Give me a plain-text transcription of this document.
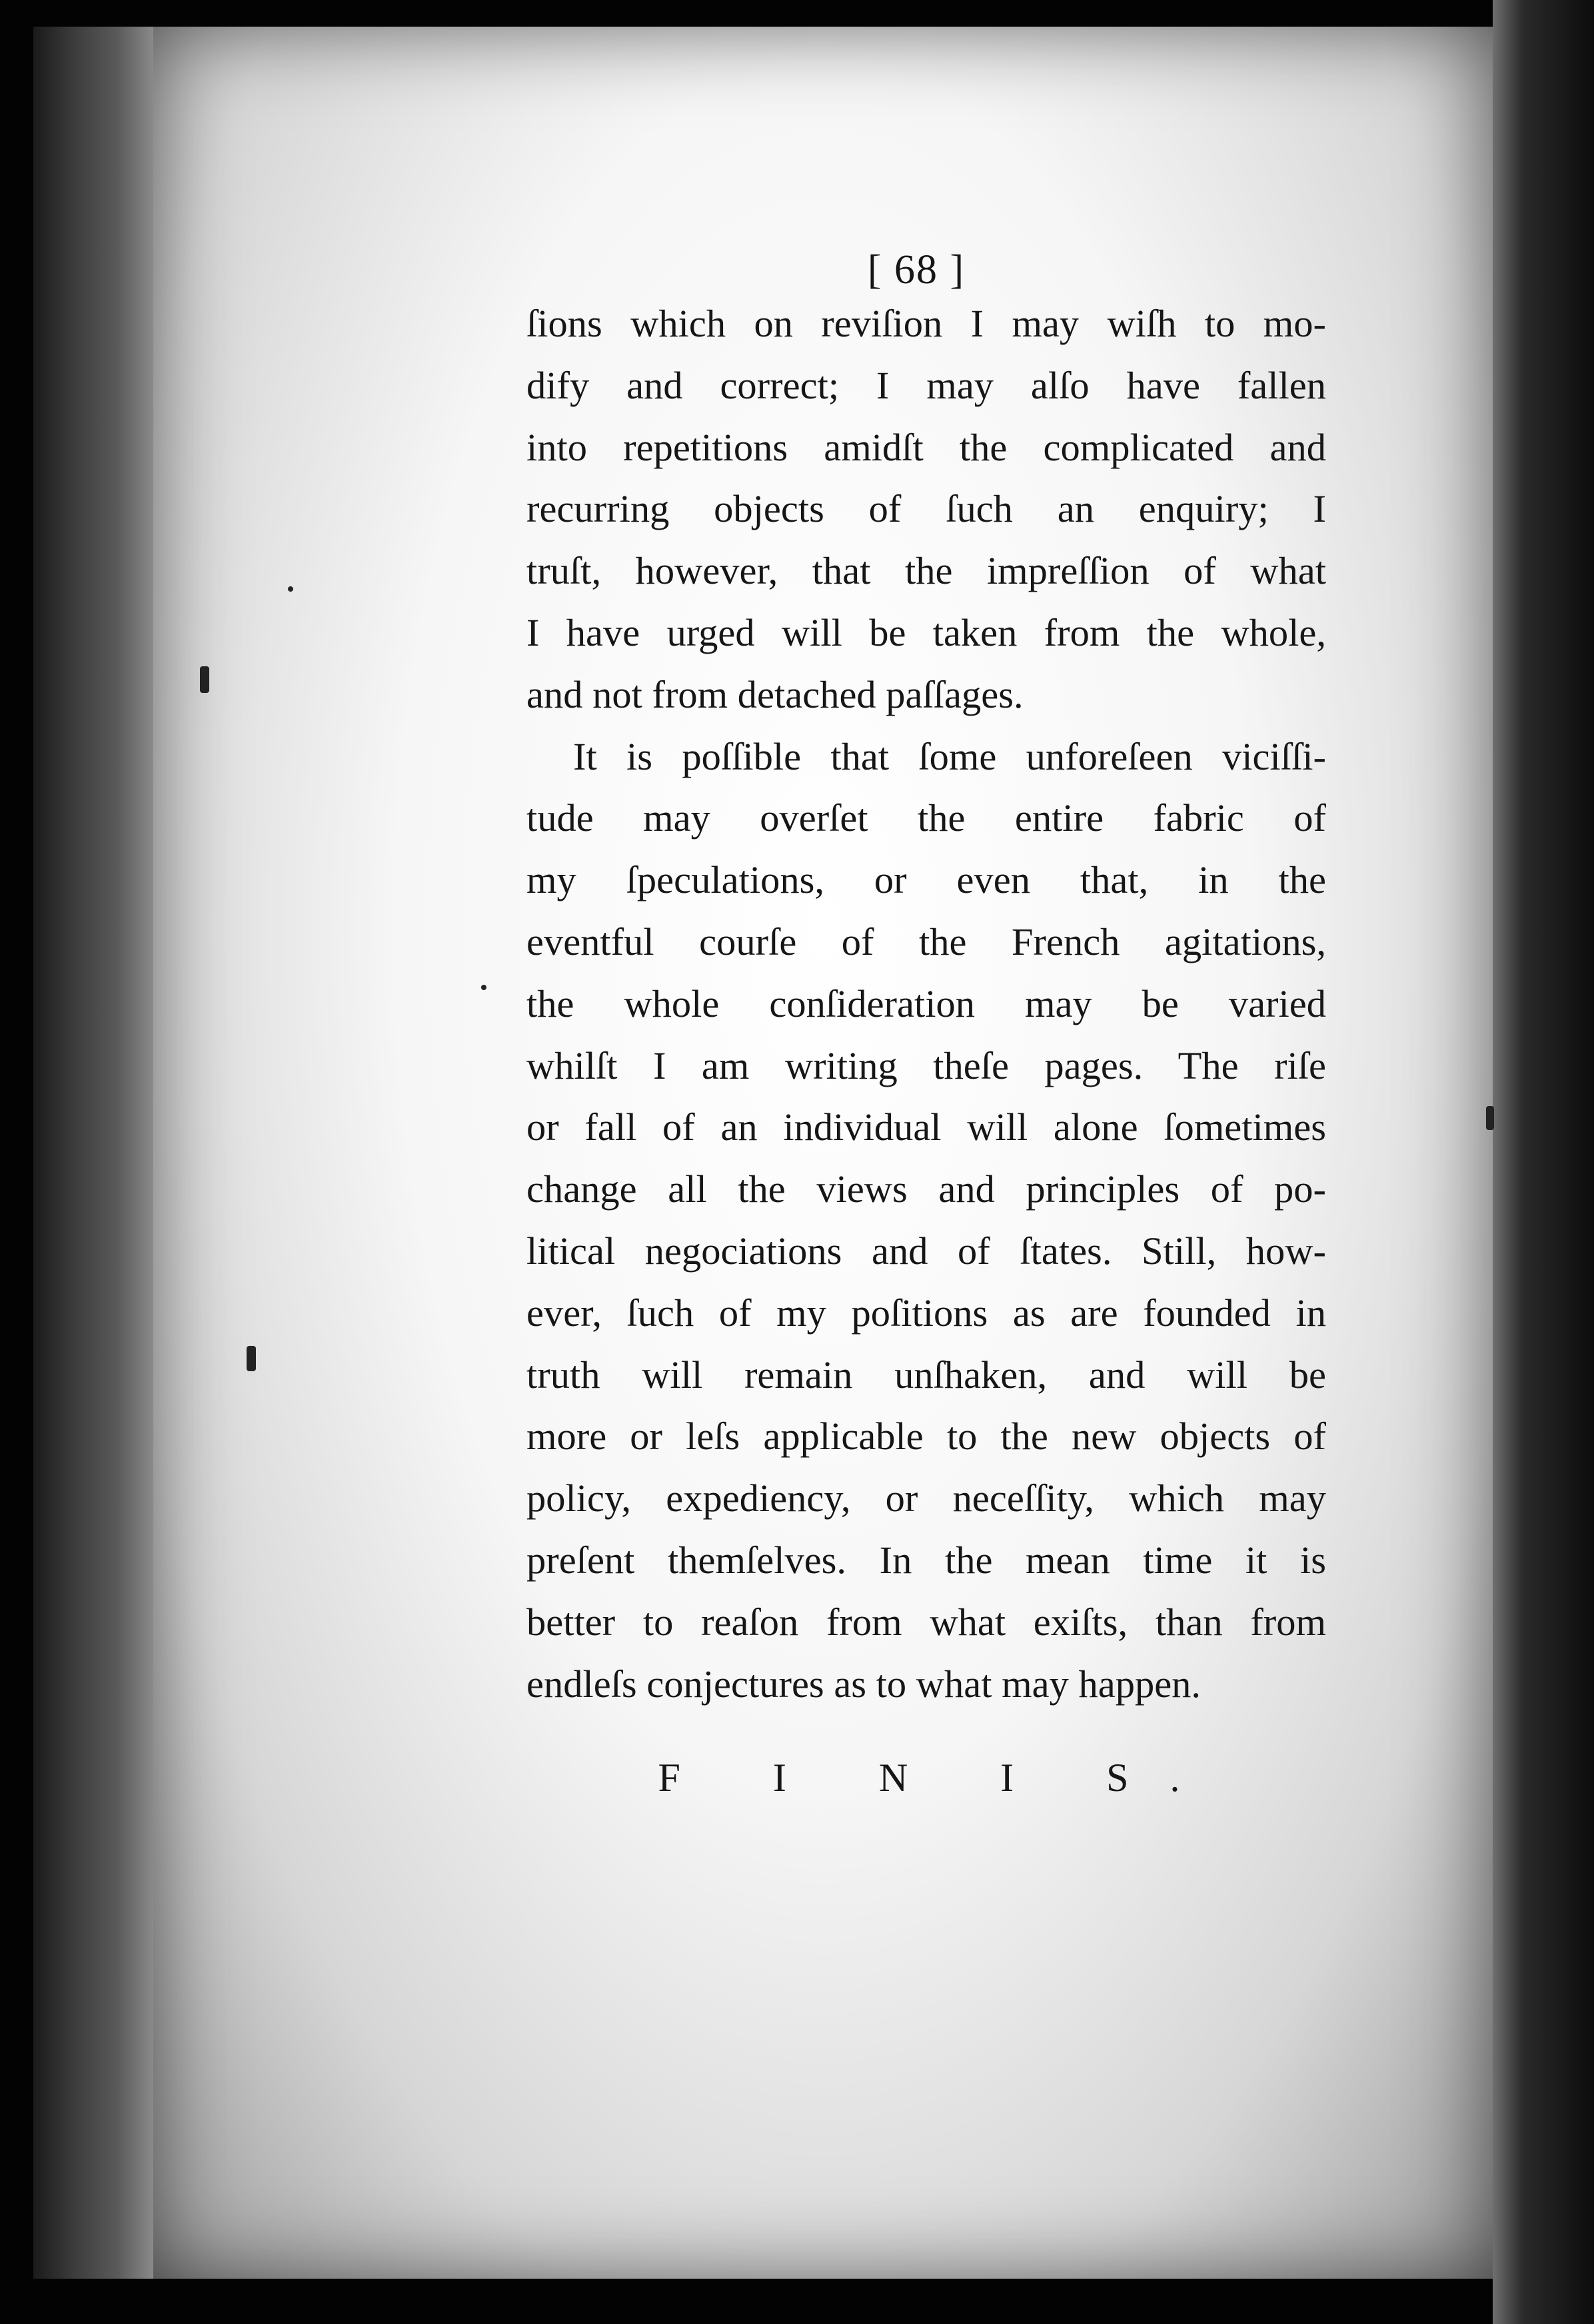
[ 68 ]
ſions which on reviſion I may wiſh to mo-
dify and correct; I may alſo have fallen
into repetitions amidſt the complicated and
recurring objects of ſuch an enquiry; I
truſt, however, that the impreſſion of what
I have urged will be taken from the whole,
and not from detached paſſages.
It is poſſible that ſome unforeſeen viciſſi-
tude may overſet the entire fabric of
my ſpeculations, or even that, in the
eventful courſe of the French agitations,
the whole conſideration may be varied
whilſt I am writing theſe pages. The riſe
or fall of an individual will alone ſometimes
change all the views and principles of po-
litical negociations and of ſtates. Still, how-
ever, ſuch of my poſitions as are founded in
truth will remain unſhaken, and will be
more or leſs applicable to the new objects of
policy, expediency, or neceſſity, which may
preſent themſelves. In the mean time it is
better to reaſon from what exiſts, than from
endleſs conjectures as to what may happen.
F I N I S.
